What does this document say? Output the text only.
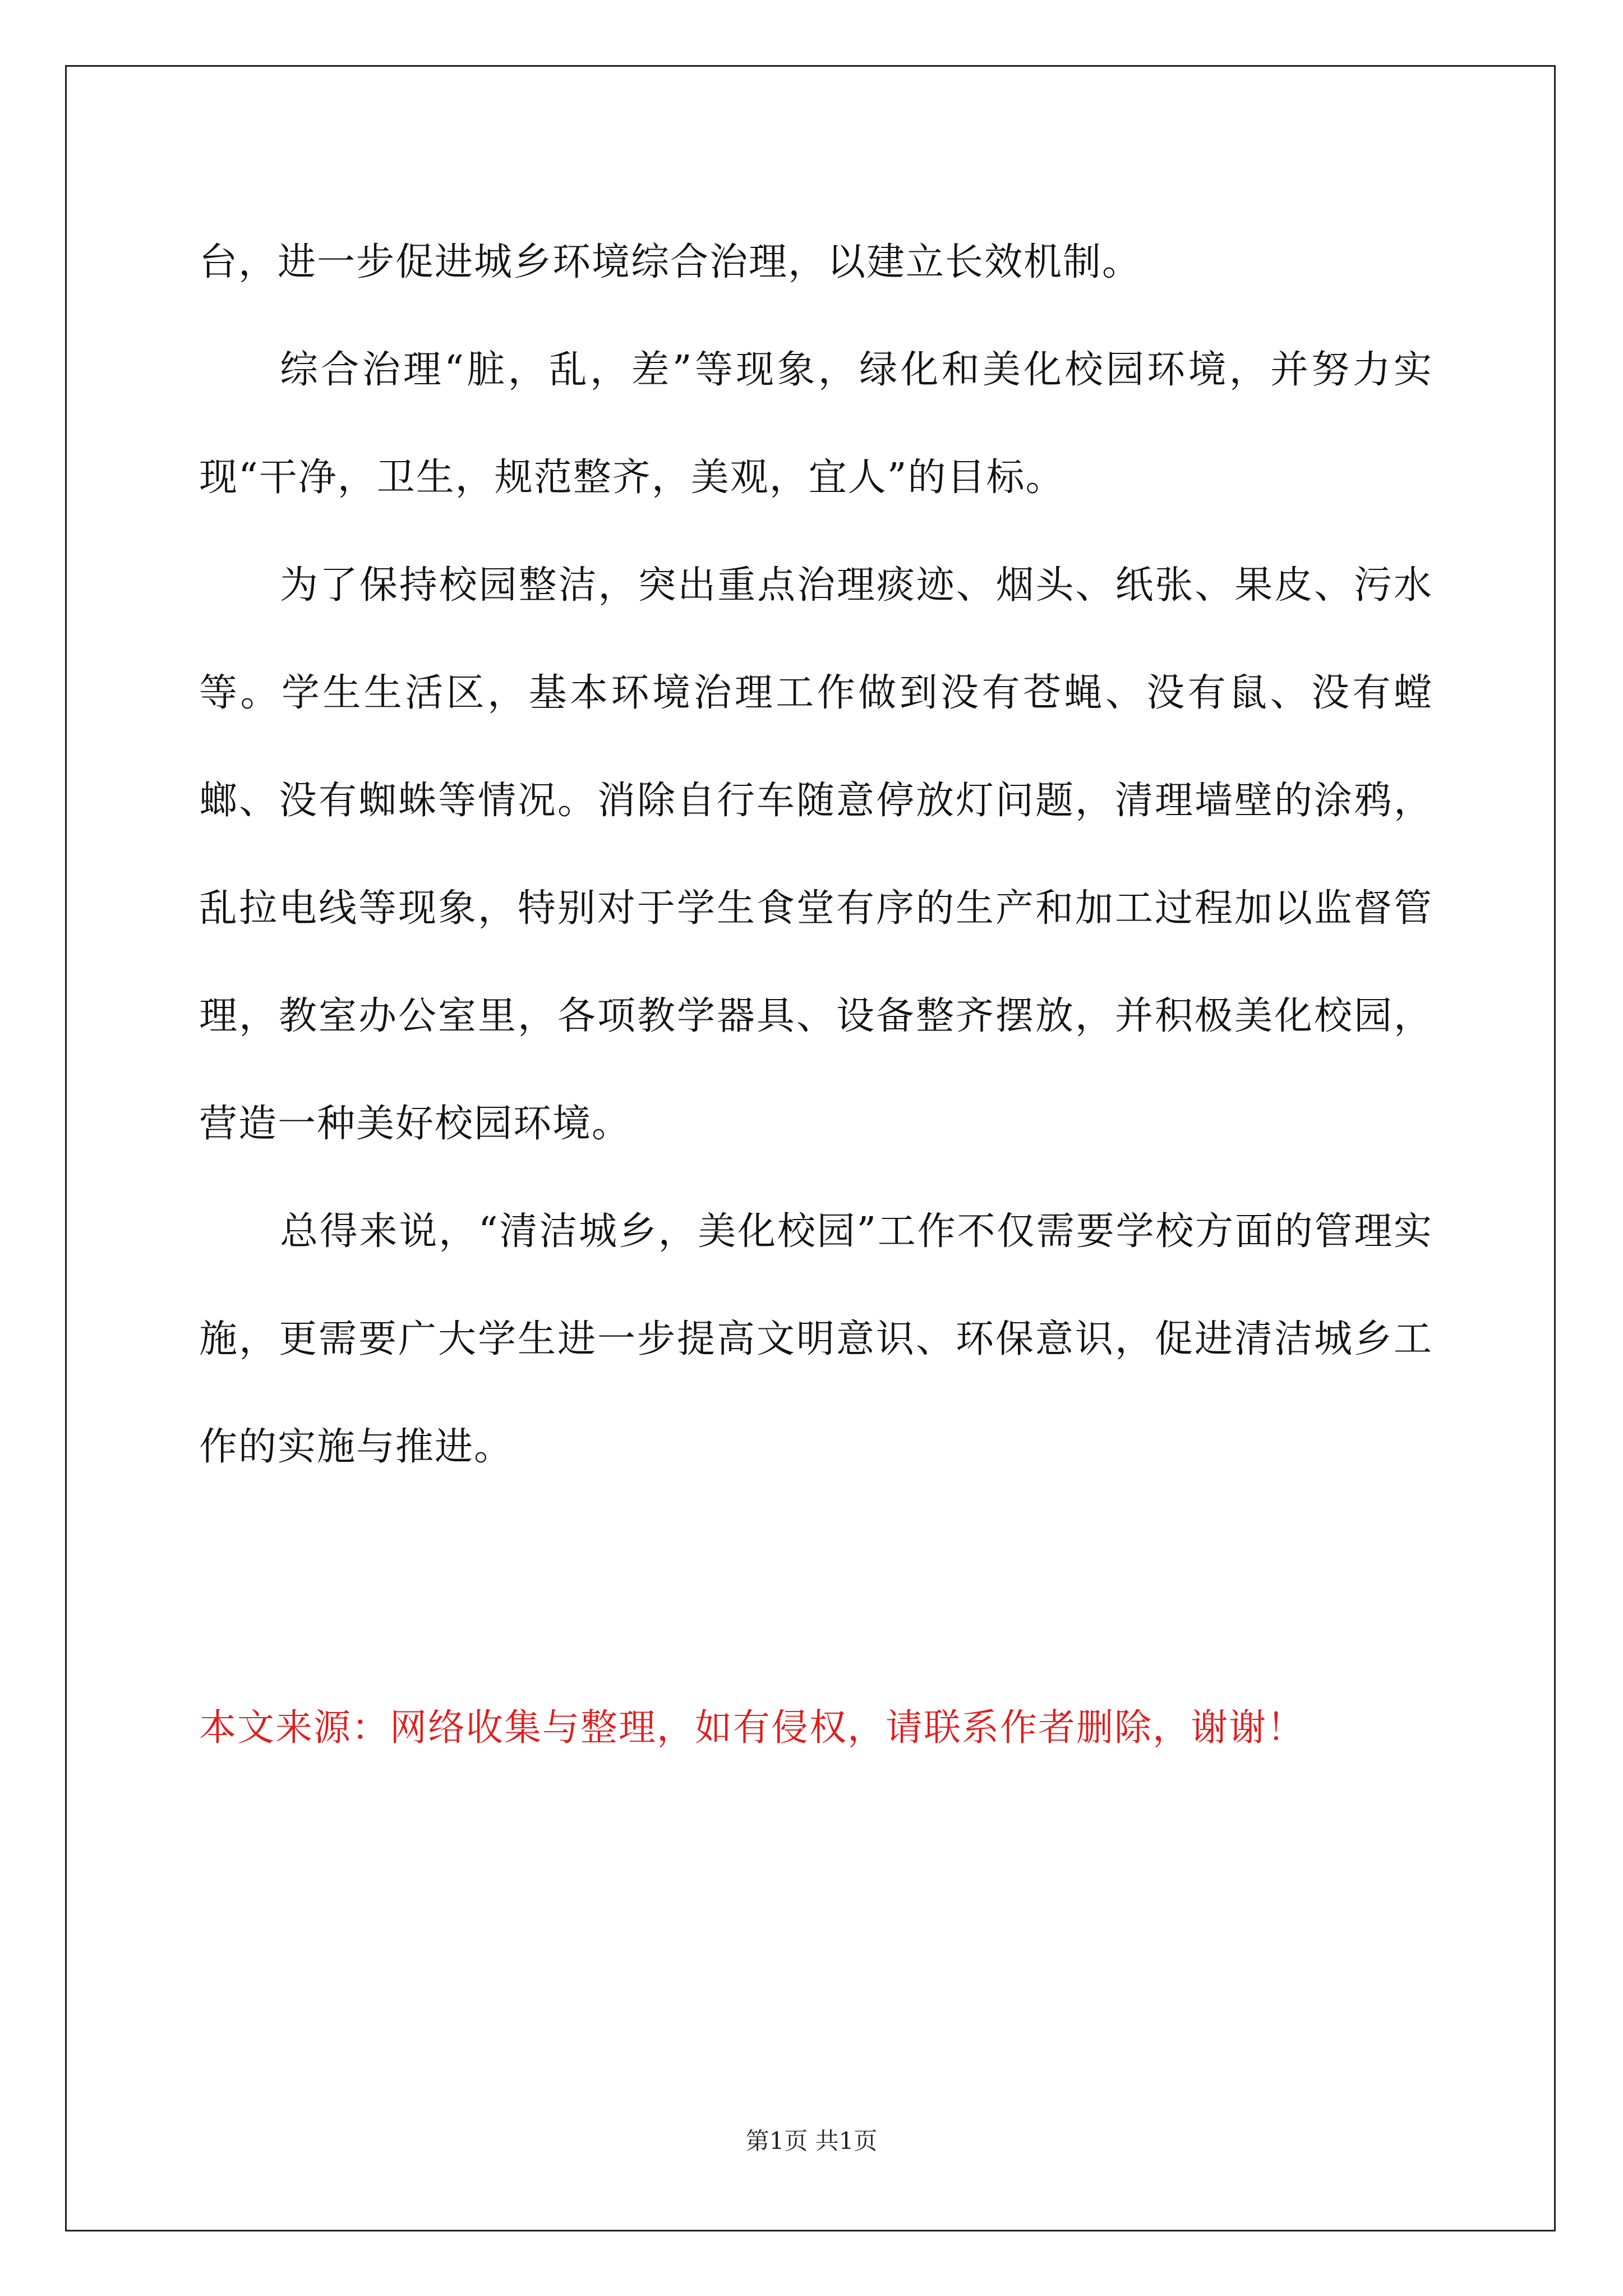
台，进一步促进城乡环境综合治理，以建立长效机制。

综合治理“脏，乱，差”等现象，绿化和美化校园环境，并努力实现“干净，卫生，规范整齐，美观，宜人”的目标。

为了保持校园整洁，突出重点治理痰迹、烟头、纸张、果皮、污水等。学生生活区，基本环境治理工作做到没有苍蝇、没有鼠、没有螳螂、没有蜘蛛等情况。消除自行车随意停放灯问题，清理墙壁的涂鸦，乱拉电线等现象，特别对于学生食堂有序的生产和加工过程加以监督管理，教室办公室里，各项教学器具、设备整齐摆放，并积极美化校园，营造一种美好校园环境。

总得来说，“清洁城乡，美化校园”工作不仅需要学校方面的管理实施，更需要广大学生进一步提高文明意识、环保意识，促进清洁城乡工作的实施与推进。

本文来源：网络收集与整理，如有侵权，请联系作者删除，谢谢！

第1页 共1页
